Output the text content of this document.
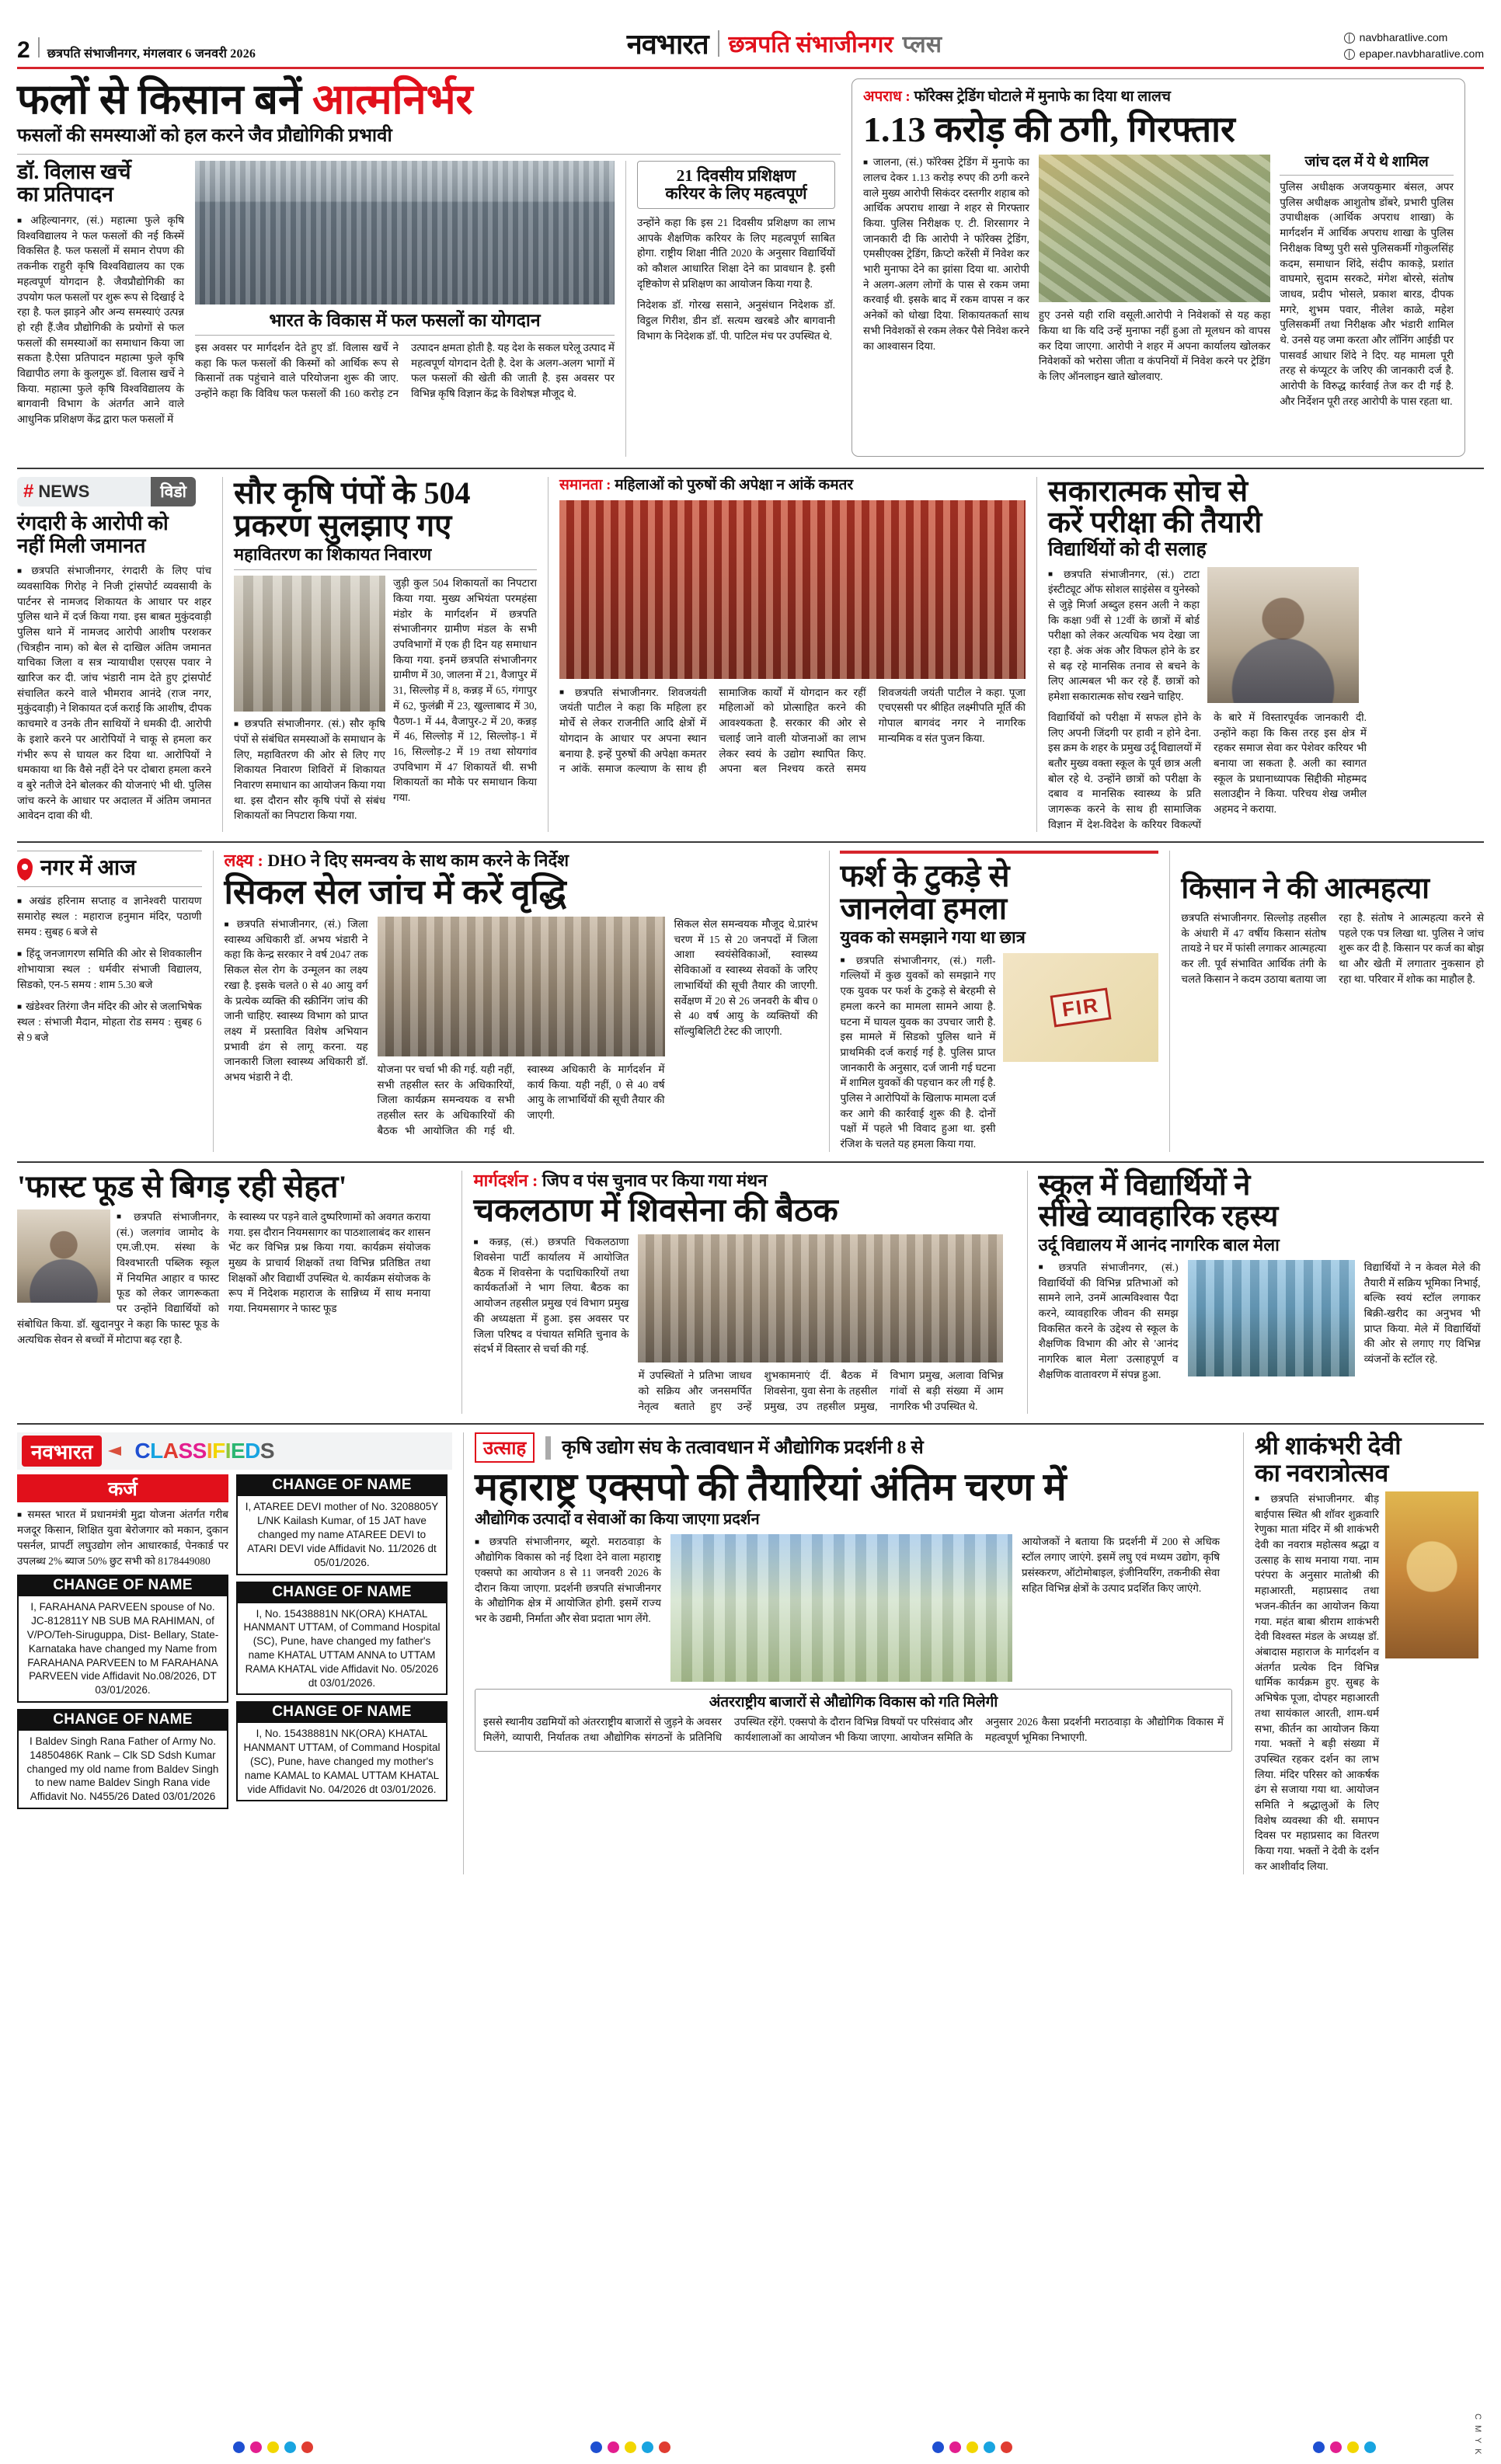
2 छत्रपति संभाजीनगर, मंगलवार 6 जनवरी 2026	नवभारत छत्रपति संभाजीनगर प्लस	navbharatlive.com
epaper.navbharatlive.com
फलों से किसान बनें आत्मनिर्भर
फसलों की समस्याओं को हल करने जैव प्रौद्योगिकी प्रभावी
डॉ. विलास खर्चे
का प्रतिपादन
■ अहिल्यानगर, (सं.) महात्मा फुले कृषि विश्वविद्यालय ने फल फसलों की नई किस्में विकसित है. फल फसलों में समान रोपण की तकनीक राहुरी कृषि विश्वविद्यालय का एक महत्वपूर्ण योगदान है. जैवप्रौद्योगिकी का उपयोग फल फसलों पर शुरू रूप से दिखाई दे रहा है. फल झाड़ने और अन्य समस्याएं उत्पन्न हो रही हैं.जैव प्रौद्योगिकी के प्रयोगों से फल फसलों की समस्याओं का समाधान किया जा सकता है.ऐसा प्रतिपादन महात्मा फुले कृषि विद्यापीठ लगा के कुलगुरू डॉ. विलास खर्चे ने किया. महात्मा फुले कृषि विश्वविद्यालय के बागवानी विभाग के अंतर्गत आने वाले आधुनिक प्रशिक्षण केंद्र द्वारा फल फसलों में
भारत के विकास में फल फसलों का योगदान
इस अवसर पर मार्गदर्शन देते हुए डॉ. विलास खर्चे ने कहा कि फल फसलों की किस्मों को आर्थिक रूप से किसानों तक पहुंचाने वाले परियोजना शुरू की जाए. उन्होंने कहा कि विविध फल फसलों की 160 करोड़ टन उत्पादन क्षमता होती है. यह देश के सकल घरेलू उत्पाद में महत्वपूर्ण योगदान देती है. देश के अलग-अलग भागों में फल फसलों की खेती की जाती है. इस अवसर पर विभिन्न कृषि विज्ञान केंद्र के विशेषज्ञ मौजूद थे.
21 दिवसीय प्रशिक्षण
करियर के लिए महत्वपूर्ण
उन्होंने कहा कि इस 21 दिवसीय प्रशिक्षण का लाभ आपके शैक्षणिक करियर के लिए महत्वपूर्ण साबित होगा. राष्ट्रीय शिक्षा नीति 2020 के अनुसार विद्यार्थियों को कौशल आधारित शिक्षा देने का प्रावधान है. इसी दृष्टिकोण से प्रशिक्षण का आयोजन किया गया है.
निदेशक डॉ. गोरख ससाने, अनुसंधान निदेशक डॉ. विट्ठल गिरीश, डीन डॉ. सत्यम खरबडे और बागवानी विभाग के निदेशक डॉ. पी. पाटिल मंच पर उपस्थित थे.
अपराध : फॉरेक्स ट्रेडिंग घोटाले में मुनाफे का दिया था लालच
1.13 करोड़ की ठगी, गिरफ्तार
■ जालना, (सं.) फॉरेक्स ट्रेडिंग में मुनाफे का लालच देकर 1.13 करोड़ रुपए की ठगी करने वाले मुख्य आरोपी सिकंदर दस्तगीर शहाब को आर्थिक अपराध शाखा ने शहर से गिरफ्तार किया. पुलिस निरीक्षक ए. टी. शिरसागर ने जानकारी दी कि आरोपी ने फॉरेक्स ट्रेडिंग, एमसीएक्स ट्रेडिंग, क्रिप्टो करेंसी में निवेश कर भारी मुनाफा देने का झांसा दिया था. आरोपी ने अलग-अलग लोगों के पास से रकम जमा करवाई थी. इसके बाद में रकम वापस न कर अनेकों को धोखा दिया. शिकायतकर्ता साथ सभी निवेशकों से रकम लेकर पैसे निवेश करने का आश्वासन दिया.
हुए उनसे यही राशि वसूली.आरोपी ने निवेशकों से यह कहा किया था कि यदि उन्हें मुनाफा नहीं हुआ तो मूलधन को वापस कर दिया जाएगा. आरोपी ने शहर में अपना कार्यालय खोलकर निवेशकों को भरोसा जीता व कंपनियों में निवेश करने पर ट्रेडिंग के लिए ऑनलाइन खाते खोलवाए.
जांच दल में ये थे शामिल
पुलिस अधीक्षक अजयकुमार बंसल, अपर पुलिस अधीक्षक आशुतोष डोंबरे, प्रभारी पुलिस उपाधीक्षक (आर्थिक अपराध शाखा) के मार्गदर्शन में आर्थिक अपराध शाखा के पुलिस निरीक्षक विष्णु पुरी ससे पुलिसकर्मी गोकुलसिंह कदम, समाधान शिंदे, संदीप काकड़े, प्रशांत वाघमारे, सुदाम सरकटे, मंगेश बोरसे, संतोष जाधव, प्रदीप भोसले, प्रकाश बारड, दीपक मगरे, शुभम पवार, नीलेश काळे, महेश पुलिसकर्मी तथा निरीक्षक और भंडारी शामिल थे. उनसे यह जमा करता और लॉनिंग आईडी पर पासवर्ड आधार शिंदे ने दिए. यह मामला पूरी तरह से कंप्यूटर के जरिए की जानकारी दर्ज है. आरोपी के विरुद्ध कार्रवाई तेज कर दी गई है. और निर्देशन पूरी तरह आरोपी के पास रहता था.
# NEWS	विडो
रंगदारी के आरोपी को
नहीं मिली जमानत
■ छत्रपति संभाजीनगर, रंगदारी के लिए पांच व्यवसायिक गिरोह ने निजी ट्रांसपोर्ट व्यवसायी के पार्टनर से नामजद शिकायत के आधार पर शहर पुलिस थाने में दर्ज किया गया. इस बाबत मुकुंदवाड़ी पुलिस थाने में नामजद आरोपी आशीष परशकर (चित्रहीन नाम) को बेल से दाखिल अंतिम जमानत याचिका जिला व सत्र न्यायाधीश एसएस पवार ने खारिज कर दी. जांच भंडारी नाम देते हुए ट्रांसपोर्ट संचालित करने वाले भीमराव आनंदे (राज नगर, मुकुंदवाड़ी) ने शिकायत दर्ज कराई कि आशीष, दीपक काचमारे व उनके तीन साथियों ने धमकी दी. आरोपी के इशारे करने पर आरोपियों ने चाकू से हमला कर गंभीर रूप से घायल कर दिया था. आरोपियों ने धमकाया था कि वैसे नहीं देने पर दोबारा हमला करने व बुरे नतीजे देने बोलकर की योजनाएं भी थी. पुलिस जांच करने के आधार पर अदालत में अंतिम जमानत आवेदन दावा की थी.
सौर कृषि पंपों के 504
प्रकरण सुलझाए गए
महावितरण का शिकायत निवारण
■ छत्रपति संभाजीनगर. (सं.) सौर कृषि पंपों से संबंधित समस्याओं के समाधान के लिए, महावितरण की ओर से लिए गए शिकायत निवारण शिविरों में शिकायत निवारण समाधान का आयोजन किया गया था. इस दौरान सौर कृषि पंपों से संबंध शिकायतों का निपटारा किया गया.
जुड़ी कुल 504 शिकायतों का निपटारा किया गया. मुख्य अभियंता परमहंसा मंडोर के मार्गदर्शन में छत्रपति संभाजीनगर ग्रामीण मंडल के सभी उपविभागों में एक ही दिन यह समाधान किया गया. इनमें छत्रपति संभाजीनगर ग्रामीण में 30, जालना में 21, वैजापुर में 31, सिल्लोड़ में 8, कन्नड़ में 65, गंगापुर में 62, फुलंब्री में 23, खुल्ताबाद में 30, पैठण-1 में 44, वैजापुर-2 में 20, कन्नड़ में 46, सिल्लोड़ में 12, सिल्लोड़-1 में 16, सिल्लोड़-2 में 19 तथा सोयगांव उपविभाग में 47 शिकायतें थी. सभी शिकायतों का मौके पर समाधान किया गया.
समानता : महिलाओं को पुरुषों की अपेक्षा न आंकें कमतर
■ छत्रपति संभाजीनगर. शिवजयंती जयंती पाटील ने कहा कि महिला हर मोर्चे से लेकर राजनीति आदि क्षेत्रों में योगदान के आधार पर अपना स्थान बनाया है. इन्हें पुरुषों की अपेक्षा कमतर न आंकें. समाज कल्याण के साथ ही सामाजिक कार्यों में योगदान कर रहीं महिलाओं को प्रोत्साहित करने की आवश्यकता है. सरकार की ओर से चलाई जाने वाली योजनाओं का लाभ लेकर स्वयं के उद्योग स्थापित किए. अपना बल निश्चय करते समय शिवजयंती जयंती पाटील ने कहा. पूजा एचएससी पर श्रीहित लक्ष्मीपति मूर्ति की गोपाल बागवंद नगर ने नागरिक मान्यमिक व संत पुजन किया.
सकारात्मक सोच से
करें परीक्षा की तैयारी
विद्यार्थियों को दी सलाह
■ छत्रपति संभाजीनगर, (सं.) टाटा इंस्टीट्यूट ऑफ सोशल साइंसेस व युनेस्को से जुड़े मिर्जा अब्दुल हसन अली ने कहा कि कक्षा 9वीं से 12वीं के छात्रों में बोर्ड परीक्षा को लेकर अत्यधिक भय देखा जा रहा है. अंक अंक और विफल होने के डर से बढ़ रहे मानसिक तनाव से बचने के लिए आत्मबल भी कर रहे हैं. छात्रों को हमेशा सकारात्मक सोच रखने चाहिए.
विद्यार्थियों को परीक्षा में सफल होने के लिए अपनी जिंदगी पर हावी न होने देना. इस क्रम के शहर के प्रमुख उर्दू विद्यालयों में बतौर मुख्य वक्ता स्कूल के पूर्व छात्र अली बोल रहे थे. उन्होंने छात्रों को परीक्षा के दबाव व मानसिक स्वास्थ्य के प्रति जागरूक करने के साथ ही सामाजिक विज्ञान में देश-विदेश के करियर विकल्पों के बारे में विस्तारपूर्वक जानकारी दी. उन्होंने कहा कि किस तरह इस क्षेत्र में रहकर समाज सेवा कर पेशेवर करियर भी बनाया जा सकता है. अली का स्वागत स्कूल के प्रधानाध्यापक सिद्दीकी मोहम्मद सलाउद्दीन ने किया. परिचय शेख जमील अहमद ने कराया.
नगर में आज
■ अखंड हरिनाम सप्ताह व ज्ञानेश्वरी पारायण समारोह स्थल : महाराज हनुमान मंदिर, पठाणी समय : सुबह 6 बजे से
■ हिंदू जनजागरण समिति की ओर से शिवकालीन शोभायात्रा स्थल : धर्मवीर संभाजी विद्यालय, सिडको, एन-5 समय : शाम 5.30 बजे
■ खंडेश्वर तिरंगा जैन मंदिर की ओर से जलाभिषेक स्थल : संभाजी मैदान, मोहता रोड समय : सुबह 6 से 9 बजे
लक्ष्य : DHO ने दिए समन्वय के साथ काम करने के निर्देश
सिकल सेल जांच में करें वृद्धि
■ छत्रपति संभाजीनगर, (सं.) जिला स्वास्थ्य अधिकारी डॉ. अभय भंडारी ने कहा कि केन्द्र सरकार ने वर्ष 2047 तक सिकल सेल रोग के उन्मूलन का लक्ष्य रखा है. इसके चलते 0 से 40 आयु वर्ग के प्रत्येक व्यक्ति की स्क्रीनिंग जांच की जानी चाहिए. स्वास्थ्य विभाग को प्राप्त लक्ष्य में प्रस्तावित विशेष अभियान प्रभावी ढंग से लागू करना. यह जानकारी जिला स्वास्थ्य अधिकारी डॉ. अभय भंडारी ने दी.
योजना पर चर्चा भी की गई. यही नहीं, सभी तहसील स्तर के अधिकारियों, जिला कार्यक्रम समन्वयक व सभी तहसील स्तर के अधिकारियों की बैठक भी आयोजित की गई थी. स्वास्थ्य अधिकारी के मार्गदर्शन में कार्य किया. यही नहीं, 0 से 40 वर्ष आयु के लाभार्थियों की सूची तैयार की जाएगी.
सिकल सेल समन्वयक मौजूद थे.प्रारंभ चरण में 15 से 20 जनपदों में जिला आशा स्वयंसेविकाओं, स्वास्थ्य सेविकाओं व स्वास्थ्य सेवकों के जरिए लाभार्थियों की सूची तैयार की जाएगी. सर्वेक्षण में 20 से 26 जनवरी के बीच 0 से 40 वर्ष आयु के व्यक्तियों की सॉल्युबिलिटी टेस्ट की जाएगी.
फर्श के टुकड़े से
जानलेवा हमला
युवक को समझाने गया था छात्र
■ छत्रपति संभाजीनगर, (सं.) गली-गल्लियों में कुछ युवकों को समझाने गए एक युवक पर फर्श के टुकड़े से बेरहमी से हमला करने का मामला सामने आया है. घटना में घायल युवक का उपचार जारी है. इस मामले में सिडको पुलिस थाने में प्राथमिकी दर्ज कराई गई है. पुलिस प्राप्त जानकारी के अनुसार, दर्ज जानी गई घटना में शामिल युवकों की पहचान कर ली गई है. पुलिस ने आरोपियों के खिलाफ मामला दर्ज कर आगे की कार्रवाई शुरू की है. दोनों पक्षों में पहले भी विवाद हुआ था. इसी रंजिश के चलते यह हमला किया गया.
FIR

किसान ने की आत्महत्या
छत्रपति संभाजीनगर. सिल्लोड़ तहसील के अंधारी में 47 वर्षीय किसान संतोष तायडे ने घर में फांसी लगाकर आत्महत्या कर ली. पूर्व संभावित आर्थिक तंगी के चलते किसान ने कदम उठाया बताया जा रहा है. संतोष ने आत्महत्या करने से पहले एक पत्र लिखा था. पुलिस ने जांच शुरू कर दी है. किसान पर कर्ज का बोझ था और खेती में लगातार नुकसान हो रहा था. परिवार में शोक का माहौल है.
'फास्ट फूड से बिगड़ रही सेहत'
■ छत्रपति संभाजीनगर, (सं.) जलगांव जामोद के एम.जी.एम. संस्था के विश्वभारती पब्लिक स्कूल में नियमित आहार व फास्ट फूड को लेकर जागरूकता पर उन्होंने विद्यार्थियों को संबोधित किया. डॉ. खुदानपुर ने कहा कि फास्ट फूड के अत्यधिक सेवन से बच्चों में मोटापा बढ़ रहा है.
के स्वास्थ्य पर पड़ने वाले दुष्परिणामों को अवगत कराया गया. इस दौरान नियमसागर का पाठशालाबंद कर शासन भेंट कर विभिन्न प्रश्न किया गया. कार्यक्रम संयोजक मुख्य के प्राचार्य शिक्षकों तथा विभिन्न प्रतिष्ठित तथा शिक्षकों और विद्यार्थी उपस्थित थे. कार्यक्रम संयोजक के रूप में निदेशक महाराज के सान्निध्य में साथ मनाया गया. नियमसागर ने फास्ट फूड
मार्गदर्शन : जिप व पंस चुनाव पर किया गया मंथन
चकलठाण में शिवसेना की बैठक
■ कन्नड़, (सं.) छत्रपति चिकलठाणा शिवसेना पार्टी कार्यालय में आयोजित बैठक में शिवसेना के पदाधिकारियों तथा कार्यकर्ताओं ने भाग लिया. बैठक का आयोजन तहसील प्रमुख एवं विभाग प्रमुख की अध्यक्षता में हुआ. इस अवसर पर जिला परिषद व पंचायत समिति चुनाव के संदर्भ में विस्तार से चर्चा की गई.
में उपस्थितों ने प्रतिभा जाधव को सक्रिय और जनसमर्पित नेतृत्व बताते हुए उन्हें शुभकामनाएं दीं. बैठक में शिवसेना, युवा सेना के तहसील प्रमुख, उप तहसील प्रमुख, विभाग प्रमुख, अलावा विभिन्न गांवों से बड़ी संख्या में आम नागरिक भी उपस्थित थे.
स्कूल में विद्यार्थियों ने
सीखे व्यावहारिक रहस्य
उर्दू विद्यालय में आनंद नागरिक बाल मेला
■ छत्रपति संभाजीनगर, (सं.) विद्यार्थियों की विभिन्न प्रतिभाओं को सामने लाने, उनमें आत्मविश्वास पैदा करने, व्यावहारिक जीवन की समझ विकसित करने के उद्देश्य से स्कूल के शैक्षणिक विभाग की ओर से 'आनंद नागरिक बाल मेला' उत्साहपूर्ण व शैक्षणिक वातावरण में संपन्न हुआ.
विद्यार्थियों ने न केवल मेले की तैयारी में सक्रिय भूमिका निभाई, बल्कि स्वयं स्टॉल लगाकर बिक्री-खरीद का अनुभव भी प्राप्त किया. मेले में विद्यार्थियों की ओर से लगाए गए विभिन्न व्यंजनों के स्टॉल रहे.
नवभारत	CLASSIFIEDS
कर्ज
■ समस्त भारत में प्रधानमंत्री मुद्रा योजना अंतर्गत गरीब मजदूर किसान, शिक्षित युवा बेरोजगार को मकान, दुकान पसर्नल, प्रापर्टी लघुउद्योग लोन आधारकार्ड, पेनकार्ड पर उपलब्ध 2% ब्याज 50% छुट सभी को 8178449080
CHANGE OF NAME
I, FARAHANA PARVEEN spouse of No. JC-812811Y NB SUB MA RAHIMAN, of V/PO/Teh-Siruguppa, Dist- Bellary, State-Karnataka have changed my Name from FARAHANA PARVEEN to M FARAHANA PARVEEN vide Affidavit No.08/2026, DT 03/01/2026.
CHANGE OF NAME
I Baldev Singh Rana Father of Army No. 14850486K Rank – Clk SD Sdsh Kumar changed my old name from Baldev Singh to new name Baldev Singh Rana vide Affidavit No. N455/26 Dated 03/01/2026
CHANGE OF NAME
I, ATAREE DEVI mother of No. 3208805Y L/NK Kailash Kumar, of 15 JAT have changed my name ATAREE DEVI to ATARI DEVI vide Affidavit No. 11/2026 dt 05/01/2026.
CHANGE OF NAME
I, No. 15438881N NK(ORA) KHATAL HANMANT UTTAM, of Command Hospital (SC), Pune, have changed my father's name KHATAL UTTAM ANNA to UTTAM RAMA KHATAL vide Affidavit No. 05/2026 dt 03/01/2026.
CHANGE OF NAME
I, No. 15438881N NK(ORA) KHATAL HANMANT UTTAM, of Command Hospital (SC), Pune, have changed my mother's name KAMAL to KAMAL UTTAM KHATAL vide Affidavit No. 04/2026 dt 03/01/2026.
उत्साह	कृषि उद्योग संघ के तत्वावधान में औद्योगिक प्रदर्शनी 8 से
महाराष्ट्र एक्सपो की तैयारियां अंतिम चरण में
औद्योगिक उत्पादों व सेवाओं का किया जाएगा प्रदर्शन
■ छत्रपति संभाजीनगर, ब्यूरो. मराठवाड़ा के औद्योगिक विकास को नई दिशा देने वाला महाराष्ट्र एक्सपो का आयोजन 8 से 11 जनवरी 2026 के दौरान किया जाएगा. प्रदर्शनी छत्रपति संभाजीनगर के औद्योगिक क्षेत्र में आयोजित होगी. इसमें राज्य भर के उद्यमी, निर्माता और सेवा प्रदाता भाग लेंगे.
आयोजकों ने बताया कि प्रदर्शनी में 200 से अधिक स्टॉल लगाए जाएंगे. इसमें लघु एवं मध्यम उद्योग, कृषि प्रसंस्करण, ऑटोमोबाइल, इंजीनियरिंग, तकनीकी सेवा सहित विभिन्न क्षेत्रों के उत्पाद प्रदर्शित किए जाएंगे.
अंतरराष्ट्रीय बाजारों से औद्योगिक विकास को गति मिलेगी
इससे स्थानीय उद्यमियों को अंतरराष्ट्रीय बाजारों से जुड़ने के अवसर मिलेंगे, व्यापारी, निर्यातक तथा औद्योगिक संगठनों के प्रतिनिधि उपस्थित रहेंगे. एक्सपो के दौरान विभिन्न विषयों पर परिसंवाद और कार्यशालाओं का आयोजन भी किया जाएगा. आयोजन समिति के अनुसार 2026 कैसा प्रदर्शनी मराठवाड़ा के औद्योगिक विकास में महत्वपूर्ण भूमिका निभाएगी.
श्री शाकंभरी देवी
का नवरात्रोत्सव
■ छत्रपति संभाजीनगर. बीड़ बाईपास स्थित श्री शॉवर शुक्रवारि रेणुका माता मंदिर में श्री शाकंभरी देवी का नवरात्र महोत्सव श्रद्धा व उत्साह के साथ मनाया गया. नाम परंपरा के अनुसार मातोश्री की महाआरती, महाप्रसाद तथा भजन-कीर्तन का आयोजन किया गया. महंत बाबा श्रीराम शाकंभरी देवी विश्वस्त मंडल के अध्यक्ष डॉ. अंबादास महाराज के मार्गदर्शन व अंतर्गत प्रत्येक दिन विभिन्न धार्मिक कार्यक्रम हुए. सुबह के अभिषेक पूजा, दोपहर महाआरती तथा सायंकाल आरती, शाम-धर्म सभा, कीर्तन का आयोजन किया गया. भक्तों ने बड़ी संख्या में उपस्थित रहकर दर्शन का लाभ लिया. मंदिर परिसर को आकर्षक ढंग से सजाया गया था. आयोजन समिति ने श्रद्धालुओं के लिए विशेष व्यवस्था की थी. समापन दिवस पर महाप्रसाद का वितरण किया गया. भक्तों ने देवी के दर्शन कर आशीर्वाद लिया.
C M Y K
